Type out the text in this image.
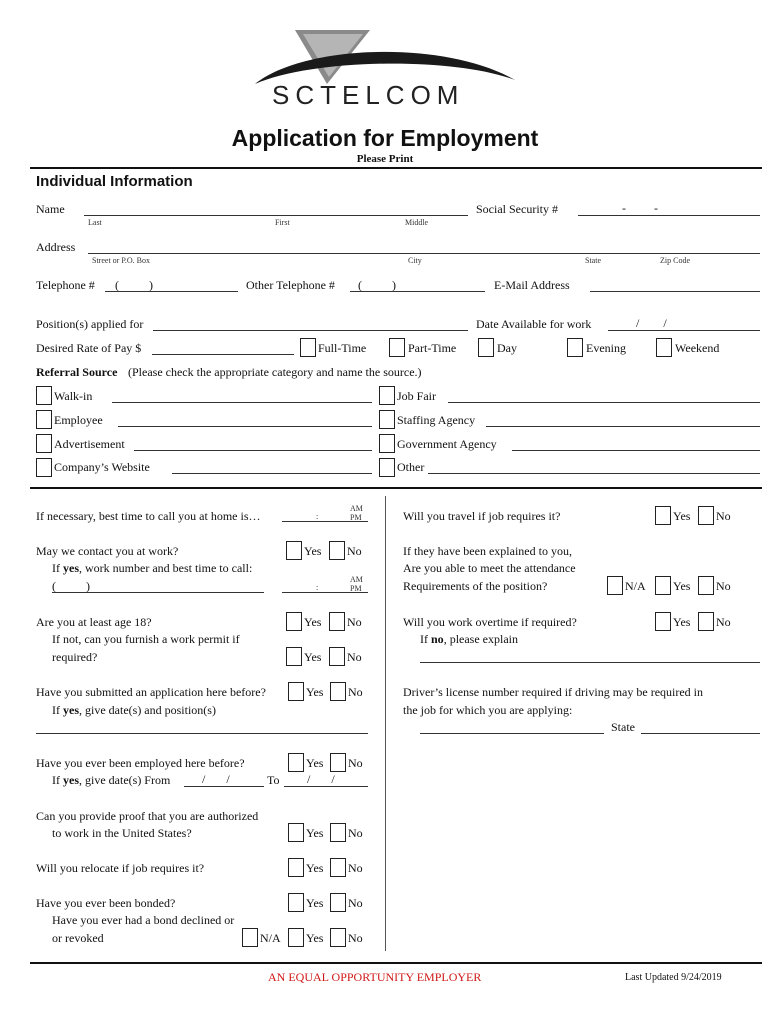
SCTELCOM
Application for Employment
Please Print
Individual Information
Name
Last	First	Middle
Social Security #	- -
Address
Street or P.O. Box	City	State	Zip Code
Telephone # (          )	Other Telephone # (          )	E-Mail Address
Position(s) applied for	Date Available for work	/        /
Desired Rate of Pay $	Full-Time	Part-Time	Day	Evening	Weekend
Referral Source (Please check the appropriate category and name the source.)
Walk-in	Job Fair
Employee	Staffing Agency
Advertisement	Government Agency
Company’s Website	Other
If necessary, best time to call you at home is…	:
AM
PM
May we contact you at work?	Yes No
If yes, work number and best time to call:
(          )	:
AM
PM
Are you at least age 18?	Yes No
If not, can you furnish a work permit if
required?	Yes No
Have you submitted an application here before?	Yes No
If yes, give date(s) and position(s)
Have you ever been employed here before?	Yes No
If yes, give date(s) From	/       /	To /       /
Can you provide proof that you are authorized
to work in the United States?	Yes No
Will you relocate if job requires it?	Yes No
Have you ever been bonded?	Yes No
Have you ever had a bond declined or
or revoked	N/A Yes No
Will you travel if job requires it?	Yes No
If they have been explained to you,
Are you able to meet the attendance
Requirements of the position?	N/A Yes No
Will you work overtime if required?	Yes No
If no, please explain
Driver’s license number required if driving may be required in
the job for which you are applying:
State
AN EQUAL OPPORTUNITY EMPLOYER	Last Updated 9/24/2019
